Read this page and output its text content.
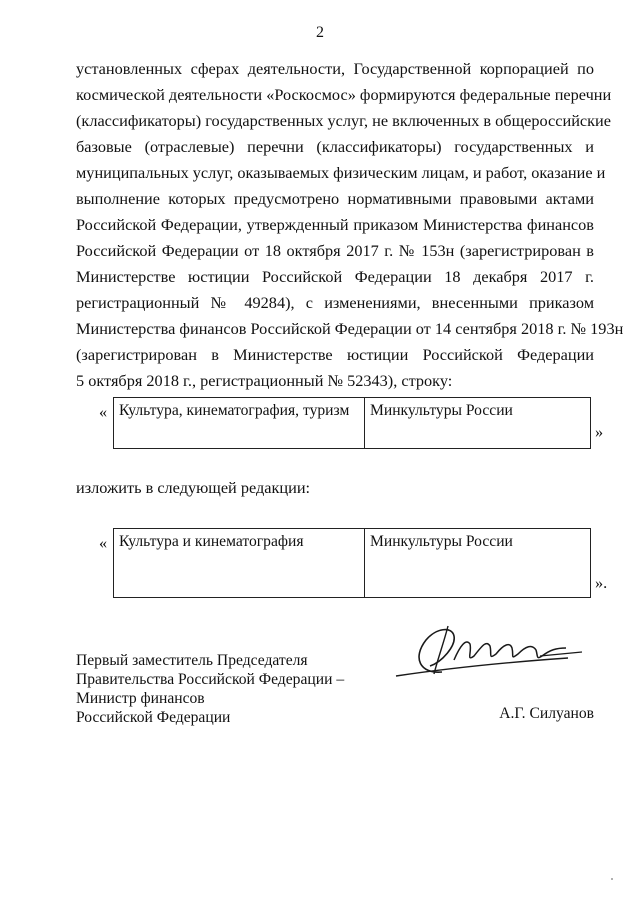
2
установленных сферах деятельности, Государственной корпорацией по
космической деятельности «Роскосмос» формируются федеральные перечни
(классификаторы) государственных услуг, не включенных в общероссийские
базовые (отраслевые) перечни (классификаторы) государственных и
муниципальных услуг, оказываемых физическим лицам, и работ, оказание и
выполнение которых предусмотрено нормативными правовыми актами
Российской Федерации, утвержденный приказом Министерства финансов
Российской Федерации от 18 октября 2017 г. № 153н (зарегистрирован в
Министерстве юстиции Российской Федерации 18 декабря 2017 г.
регистрационный № 49284), с изменениями, внесенными приказом
Министерства финансов Российской Федерации от 14 сентября 2018 г. № 193н
(зарегистрирован в Министерстве юстиции Российской Федерации
5 октября 2018 г., регистрационный № 52343), строку:
« Культура, кинематография, туризм	Минкультуры России
»
изложить в следующей редакции:
« Культура и кинематография	Минкультуры России
».
Первый заместитель Председателя
Правительства Российской Федерации –
Министр финансов
Российской Федерации	А.Г. Силуанов
